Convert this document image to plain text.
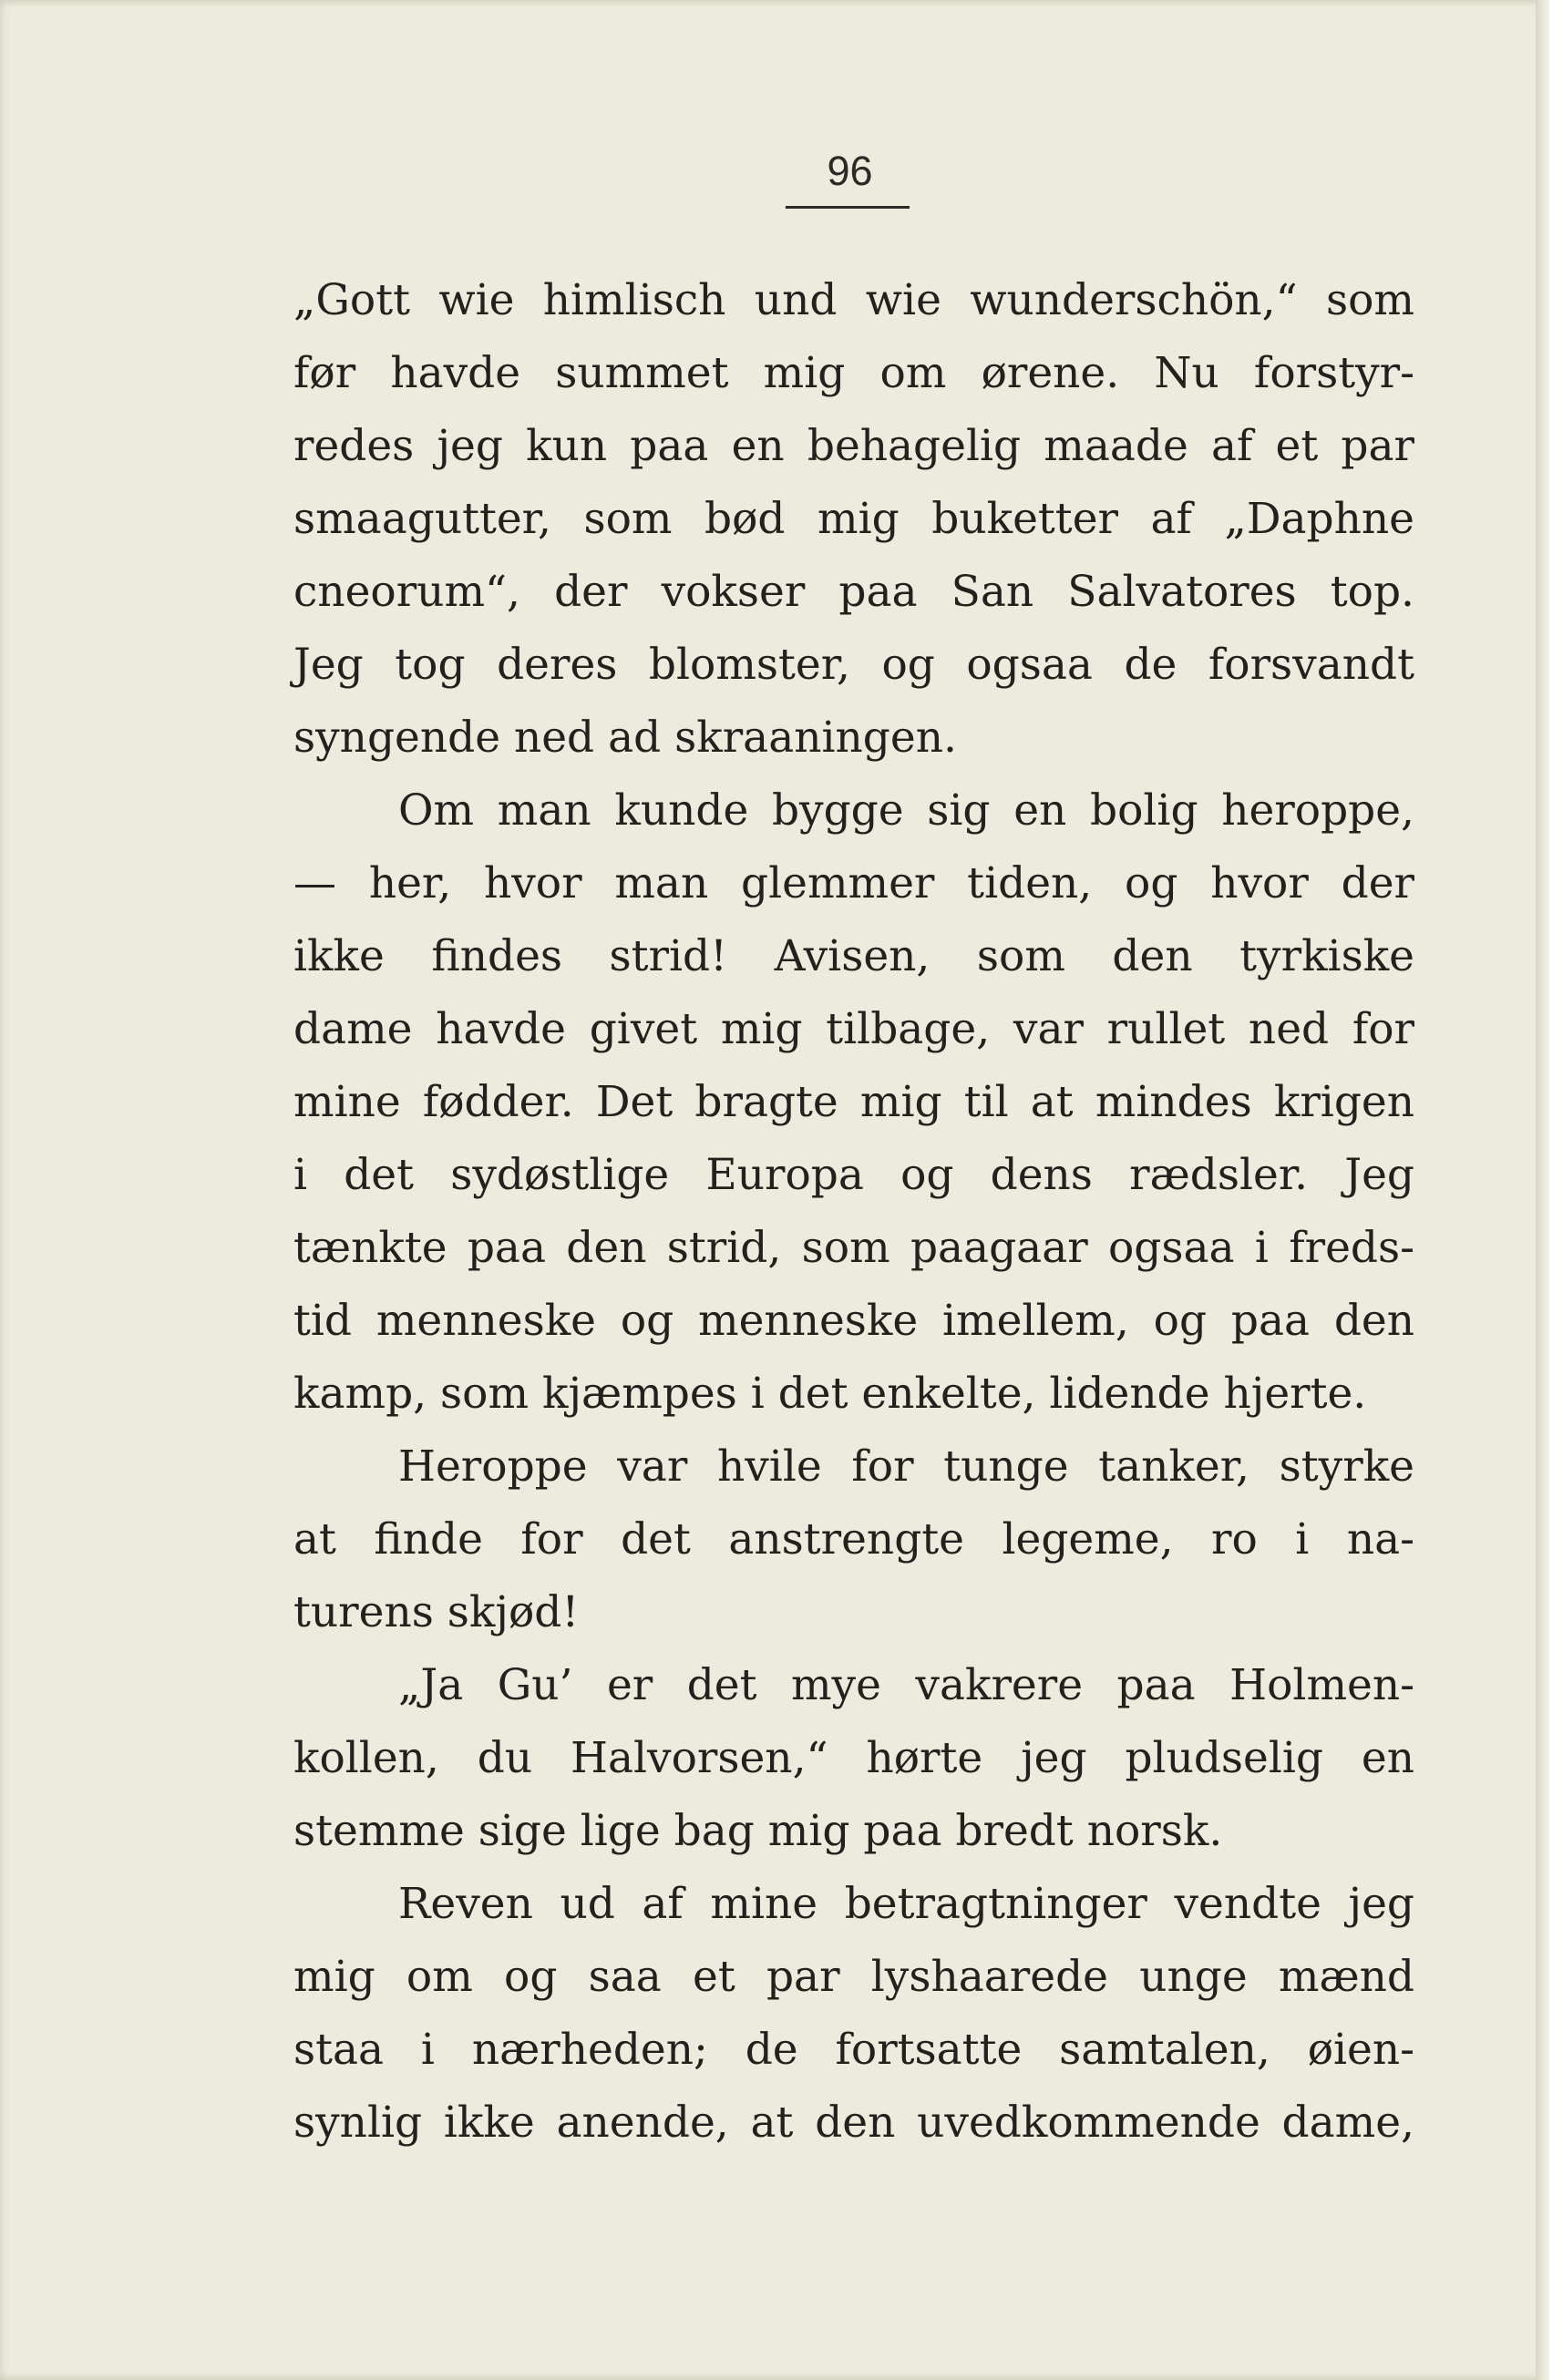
96
„Gott wie himlisch und wie wunderschön,“ som
før havde summet mig om ørene. Nu forstyr-
redes jeg kun paa en behagelig maade af et par
smaagutter, som bød mig buketter af „Daphne
cneorum“, der vokser paa San Salvatores top.
Jeg tog deres blomster, og ogsaa de forsvandt
syngende ned ad skraaningen.
Om man kunde bygge sig en bolig heroppe,
— her, hvor man glemmer tiden, og hvor der
ikke findes strid! Avisen, som den tyrkiske
dame havde givet mig tilbage, var rullet ned for
mine fødder. Det bragte mig til at mindes krigen
i det sydøstlige Europa og dens rædsler. Jeg
tænkte paa den strid, som paagaar ogsaa i freds-
tid menneske og menneske imellem, og paa den
kamp, som kjæmpes i det enkelte, lidende hjerte.
Heroppe var hvile for tunge tanker, styrke
at finde for det anstrengte legeme, ro i na-
turens skjød!
„Ja Gu’ er det mye vakrere paa Holmen-
kollen, du Halvorsen,“ hørte jeg pludselig en
stemme sige lige bag mig paa bredt norsk.
Reven ud af mine betragtninger vendte jeg
mig om og saa et par lyshaarede unge mænd
staa i nærheden; de fortsatte samtalen, øien-
synlig ikke anende, at den uvedkommende dame,
